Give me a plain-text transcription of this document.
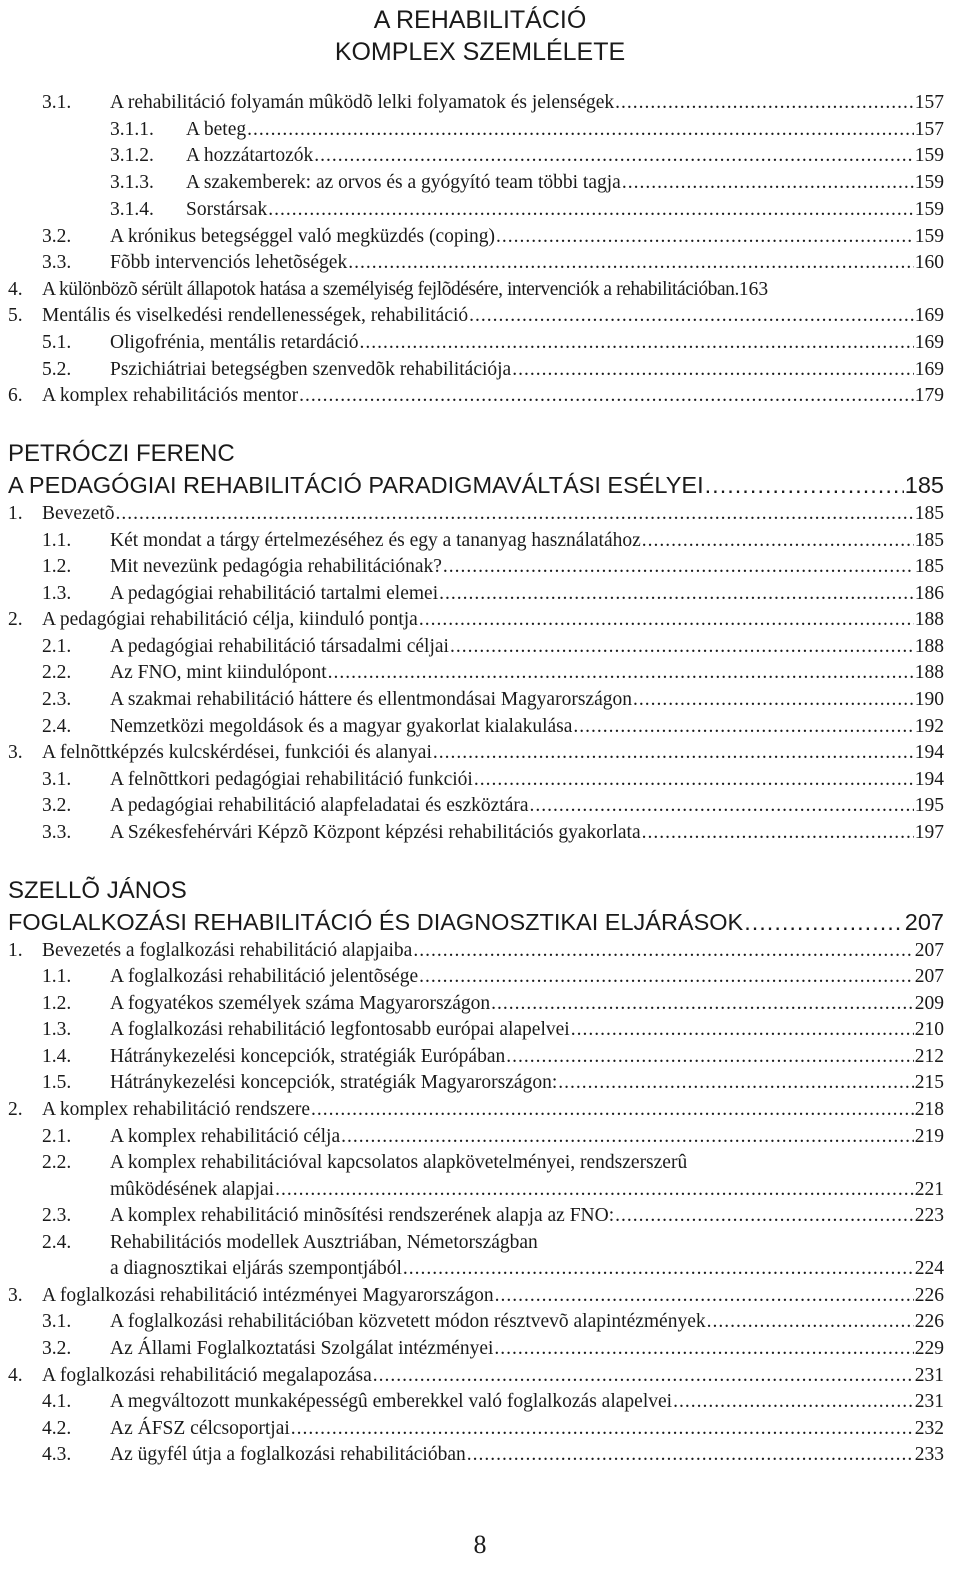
A REHABILITÁCIÓ
KOMPLEX SZEMLÉLETE
3.1. A rehabilitáció folyamán mûködõ lelki folyamatok és jelenségek .....	157
3.1.1. A beteg .....	157
3.1.2. A hozzátartozók .....	159
3.1.3. A szakemberek: az orvos és a gyógyító team többi tagja .....	159
3.1.4. Sorstársak .....	159
3.2. A krónikus betegséggel való megküzdés (coping) .....	159
3.3. Fõbb intervenciós lehetõségek .....	160
4. A különbözõ sérült állapotok hatása a személyiség fejlõdésére, intervenciók a rehabilitációban. 163
5. Mentális és viselkedési rendellenességek, rehabilitáció .....	169
5.1. Oligofrénia, mentális retardáció .....	169
5.2. Pszichiátriai betegségben szenvedõk rehabilitációja .....	169
6. A komplex rehabilitációs mentor .....	179
PETRÓCZI FERENC
A PEDAGÓGIAI REHABILITÁCIÓ PARADIGMAVÁLTÁSI ESÉLYEI .....	185
1. Bevezetõ .....	185
1.1. Két mondat a tárgy értelmezéséhez és egy a tananyag használatához .....	185
1.2. Mit nevezünk pedagógia rehabilitációnak? .....	185
1.3. A pedagógiai rehabilitáció tartalmi elemei .....	186
2. A pedagógiai rehabilitáció célja, kiinduló pontja .....	188
2.1. A pedagógiai rehabilitáció társadalmi céljai .....	188
2.2. Az FNO, mint kiindulópont .....	188
2.3. A szakmai rehabilitáció háttere és ellentmondásai Magyarországon .....	190
2.4. Nemzetközi megoldások és a magyar gyakorlat kialakulása .....	192
3. A felnõttképzés kulcskérdései, funkciói és alanyai .....	194
3.1. A felnõttkori pedagógiai rehabilitáció funkciói .....	194
3.2. A pedagógiai rehabilitáció alapfeladatai és eszköztára .....	195
3.3. A Székesfehérvári Képzõ Központ képzési rehabilitációs gyakorlata .....	197
SZELLÕ JÁNOS
FOGLALKOZÁSI REHABILITÁCIÓ ÉS DIAGNOSZTIKAI ELJÁRÁSOK .....	207
1. Bevezetés a foglalkozási rehabilitáció alapjaiba .....	207
1.1. A foglalkozási rehabilitáció jelentõsége .....	207
1.2. A fogyatékos személyek száma Magyarországon .....	209
1.3. A foglalkozási rehabilitáció legfontosabb európai alapelvei .....	210
1.4. Hátránykezelési koncepciók, stratégiák Európában .....	212
1.5. Hátránykezelési koncepciók, stratégiák Magyarországon: .....	215
2. A komplex rehabilitáció rendszere .....	218
2.1. A komplex rehabilitáció célja .....	219
2.2. A komplex rehabilitációval kapcsolatos alapkövetelményei, rendszerszerû
mûködésének alapjai .....	221
2.3. A komplex rehabilitáció minõsítési rendszerének alapja az FNO: .....	223
2.4. Rehabilitációs modellek Ausztriában, Németországban
a diagnosztikai eljárás szempontjából .....	224
3. A foglalkozási rehabilitáció intézményei Magyarországon .....	226
3.1. A foglalkozási rehabilitációban közvetett módon résztvevõ alapintézmények .....	226
3.2. Az Állami Foglalkoztatási Szolgálat intézményei .....	229
4. A foglalkozási rehabilitáció megalapozása .....	231
4.1. A megváltozott munkaképességû emberekkel való foglalkozás alapelvei .....	231
4.2. Az ÁFSZ célcsoportjai .....	232
4.3. Az ügyfél útja a foglalkozási rehabilitációban .....	233
8
